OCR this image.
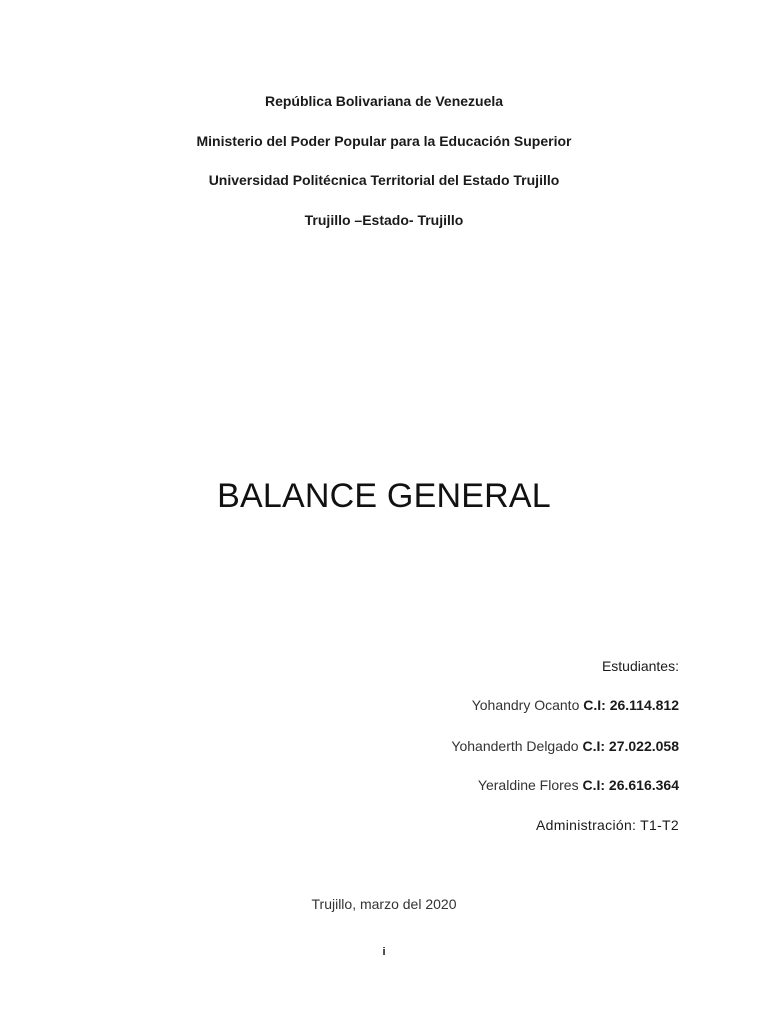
República Bolivariana de Venezuela
Ministerio del Poder Popular para la Educación Superior
Universidad Politécnica Territorial del Estado Trujillo
Trujillo –Estado- Trujillo
BALANCE GENERAL
Estudiantes:
Yohandry Ocanto C.I: 26.114.812
Yohanderth Delgado C.I: 27.022.058
Yeraldine Flores C.I: 26.616.364
Administración: T1-T2
Trujillo, marzo del 2020
i
